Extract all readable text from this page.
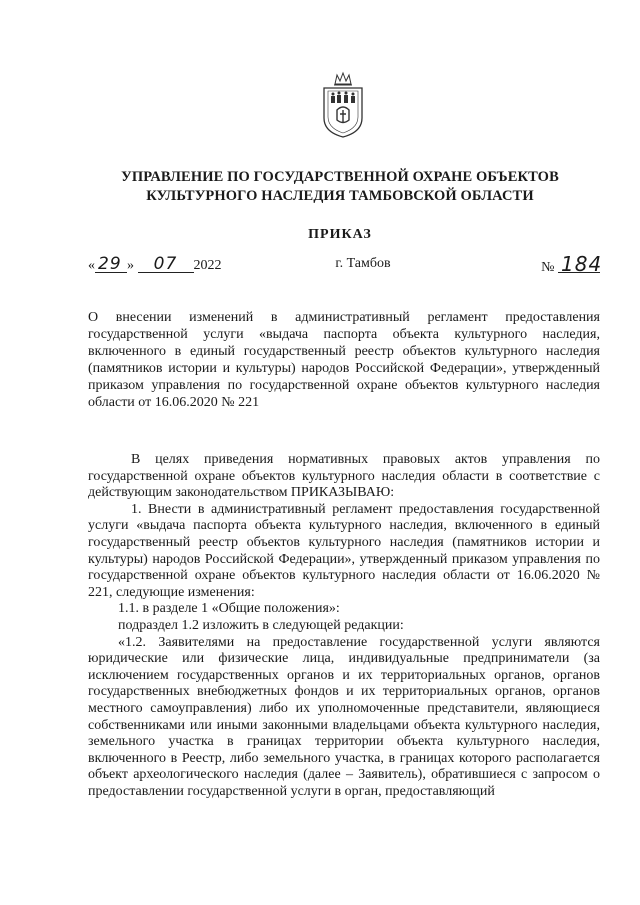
УПРАВЛЕНИЕ ПО ГОСУДАРСТВЕННОЙ ОХРАНЕ ОБЪЕКТОВ КУЛЬТУРНОГО НАСЛЕДИЯ ТАМБОВСКОЙ ОБЛАСТИ
ПРИКАЗ
« 29 » 07 2022	г. Тамбов	№ 184
О внесении изменений в административный регламент предоставления государственной услуги «выдача паспорта объекта культурного наследия, включенного в единый государственный реестр объектов культурного наследия (памятников истории и культуры) народов Российской Федерации», утвержденный приказом управления по государственной охране объектов культурного наследия области от 16.06.2020 № 221

В целях приведения нормативных правовых актов управления по государственной охране объектов культурного наследия области в соответствие с действующим законодательством ПРИКАЗЫВАЮ:

1. Внести в административный регламент предоставления государственной услуги «выдача паспорта объекта культурного наследия, включенного в единый государственный реестр объектов культурного наследия (памятников истории и культуры) народов Российской Федерации», утвержденный приказом управления по государственной охране объектов культурного наследия области от 16.06.2020 № 221, следующие изменения:

1.1. в разделе 1 «Общие положения»:

подраздел 1.2 изложить в следующей редакции:

«1.2. Заявителями на предоставление государственной услуги являются юридические или физические лица, индивидуальные предприниматели (за исключением государственных органов и их территориальных органов, органов государственных внебюджетных фондов и их территориальных органов, органов местного самоуправления) либо их уполномоченные представители, являющиеся собственниками или иными законными владельцами объекта культурного наследия, земельного участка в границах территории объекта культурного наследия, включенного в Реестр, либо земельного участка, в границах которого располагается объект археологического наследия (далее – Заявитель), обратившиеся с запросом о предоставлении государственной услуги в орган, предоставляющий
